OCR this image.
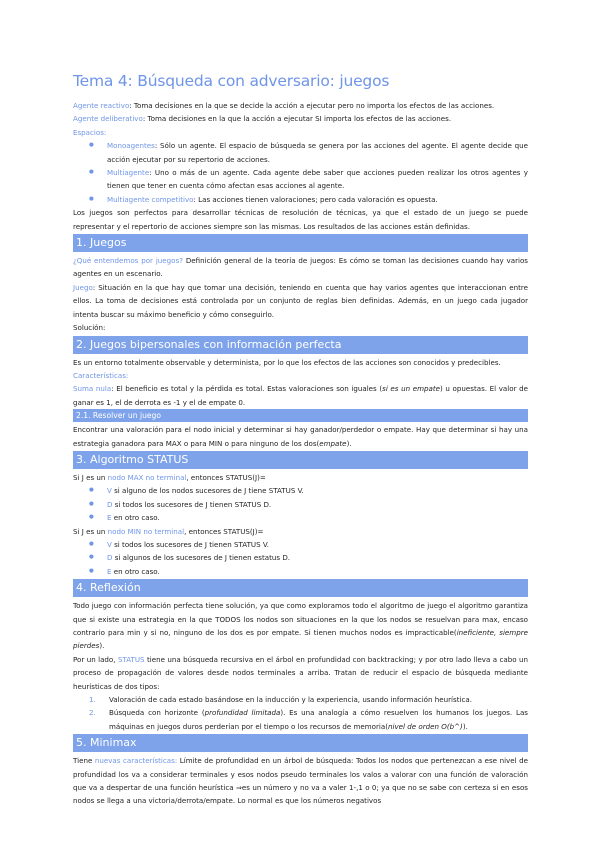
Tema 4: Búsqueda con adversario: juegos

Agente reactivo: Toma decisiones en la que se decide la acción a ejecutar pero no importa los efectos de las acciones.

Agente deliberativo: Toma decisiones en la que la acción a ejecutar SI importa los efectos de las acciones.

Espacios:

● Monoagentes: Sólo un agente. El espacio de búsqueda se genera por las acciones del agente. El agente decide que acción ejecutar por su repertorio de acciones.
● Multiagente: Uno o más de un agente. Cada agente debe saber que acciones pueden realizar los otros agentes y tienen que tener en cuenta cómo afectan esas acciones al agente.
● Multiagente competitivo: Las acciones tienen valoraciones; pero cada valoración es opuesta.

Los juegos son perfectos para desarrollar técnicas de resolución de técnicas, ya que el estado de un juego se puede representar y el repertorio de acciones siempre son las mismas. Los resultados de las acciones están definidas.

1. Juegos

¿Qué entendemos por juegos? Definición general de la teoría de juegos: Es cómo se toman las decisiones cuando hay varios agentes en un escenario.

Juego: Situación en la que hay que tomar una decisión, teniendo en cuenta que hay varios agentes que interaccionan entre ellos. La toma de decisiones está controlada por un conjunto de reglas bien definidas. Además, en un juego cada jugador intenta buscar su máximo beneficio y cómo conseguirlo.

Solución:

2. Juegos bipersonales con información perfecta

Es un entorno totalmente observable y determinista, por lo que los efectos de las acciones son conocidos y predecibles.

Características:

Suma nula: El beneficio es total y la pérdida es total. Estas valoraciones son iguales (si es un empate) u opuestas. El valor de ganar es 1, el de derrota es -1 y el de empate 0.

2.1. Resolver un juego

Encontrar una valoración para el nodo inicial y determinar si hay ganador/perdedor o empate. Hay que determinar si hay una estrategia ganadora para MAX o para MIN o para ninguno de los dos(empate).

3. Algoritmo STATUS

Si J es un nodo MAX no terminal, entonces STATUS(J)=

● V si alguno de los nodos sucesores de J tiene STATUS V.
● D si todos los sucesores de J tienen STATUS D.
● E en otro caso.

Si J es un nodo MIN no terminal, entonces STATUS(J)=

● V si todos los sucesores de J tienen STATUS V.
● D si algunos de los sucesores de J tienen estatus D.
● E en otro caso.
4. Reflexión

Todo juego con información perfecta tiene solución, ya que como exploramos todo el algoritmo de juego el algoritmo garantiza que si existe una estrategia en la que TODOS los nodos son situaciones en la que los nodos se resuelvan para max, encaso contrario para min y si no, ninguno de los dos es por empate. Si tienen muchos nodos es impracticable(ineficiente, siempre pierdes).

Por un lado, STATUS tiene una búsqueda recursiva en el árbol en profundidad con backtracking; y por otro lado lleva a cabo un proceso de propagación de valores desde nodos terminales a arriba. Tratan de reducir el espacio de búsqueda mediante heurísticas de dos tipos:

1. Valoración de cada estado basándose en la inducción y la experiencia, usando información heurística.
2. Búsqueda con horizonte (profundidad limitada). Es una analogía a cómo resuelven los humanos los juegos. Las máquinas en juegos duros perderían por el tiempo o los recursos de memoria(nivel de orden O(b^)).
5. Minimax

Tiene nuevas características: Límite de profundidad en un árbol de búsqueda: Todos los nodos que pertenezcan a ese nivel de profundidad los va a considerar terminales y esos nodos pseudo terminales los valos a valorar con una función de valoración que va a despertar de una función heurística ⇒es un número y no va a valer 1-,1 o 0; ya que no se sabe con certeza si en esos nodos se llega a una victoria/derrota/empate. Lo normal es que los números negativos
